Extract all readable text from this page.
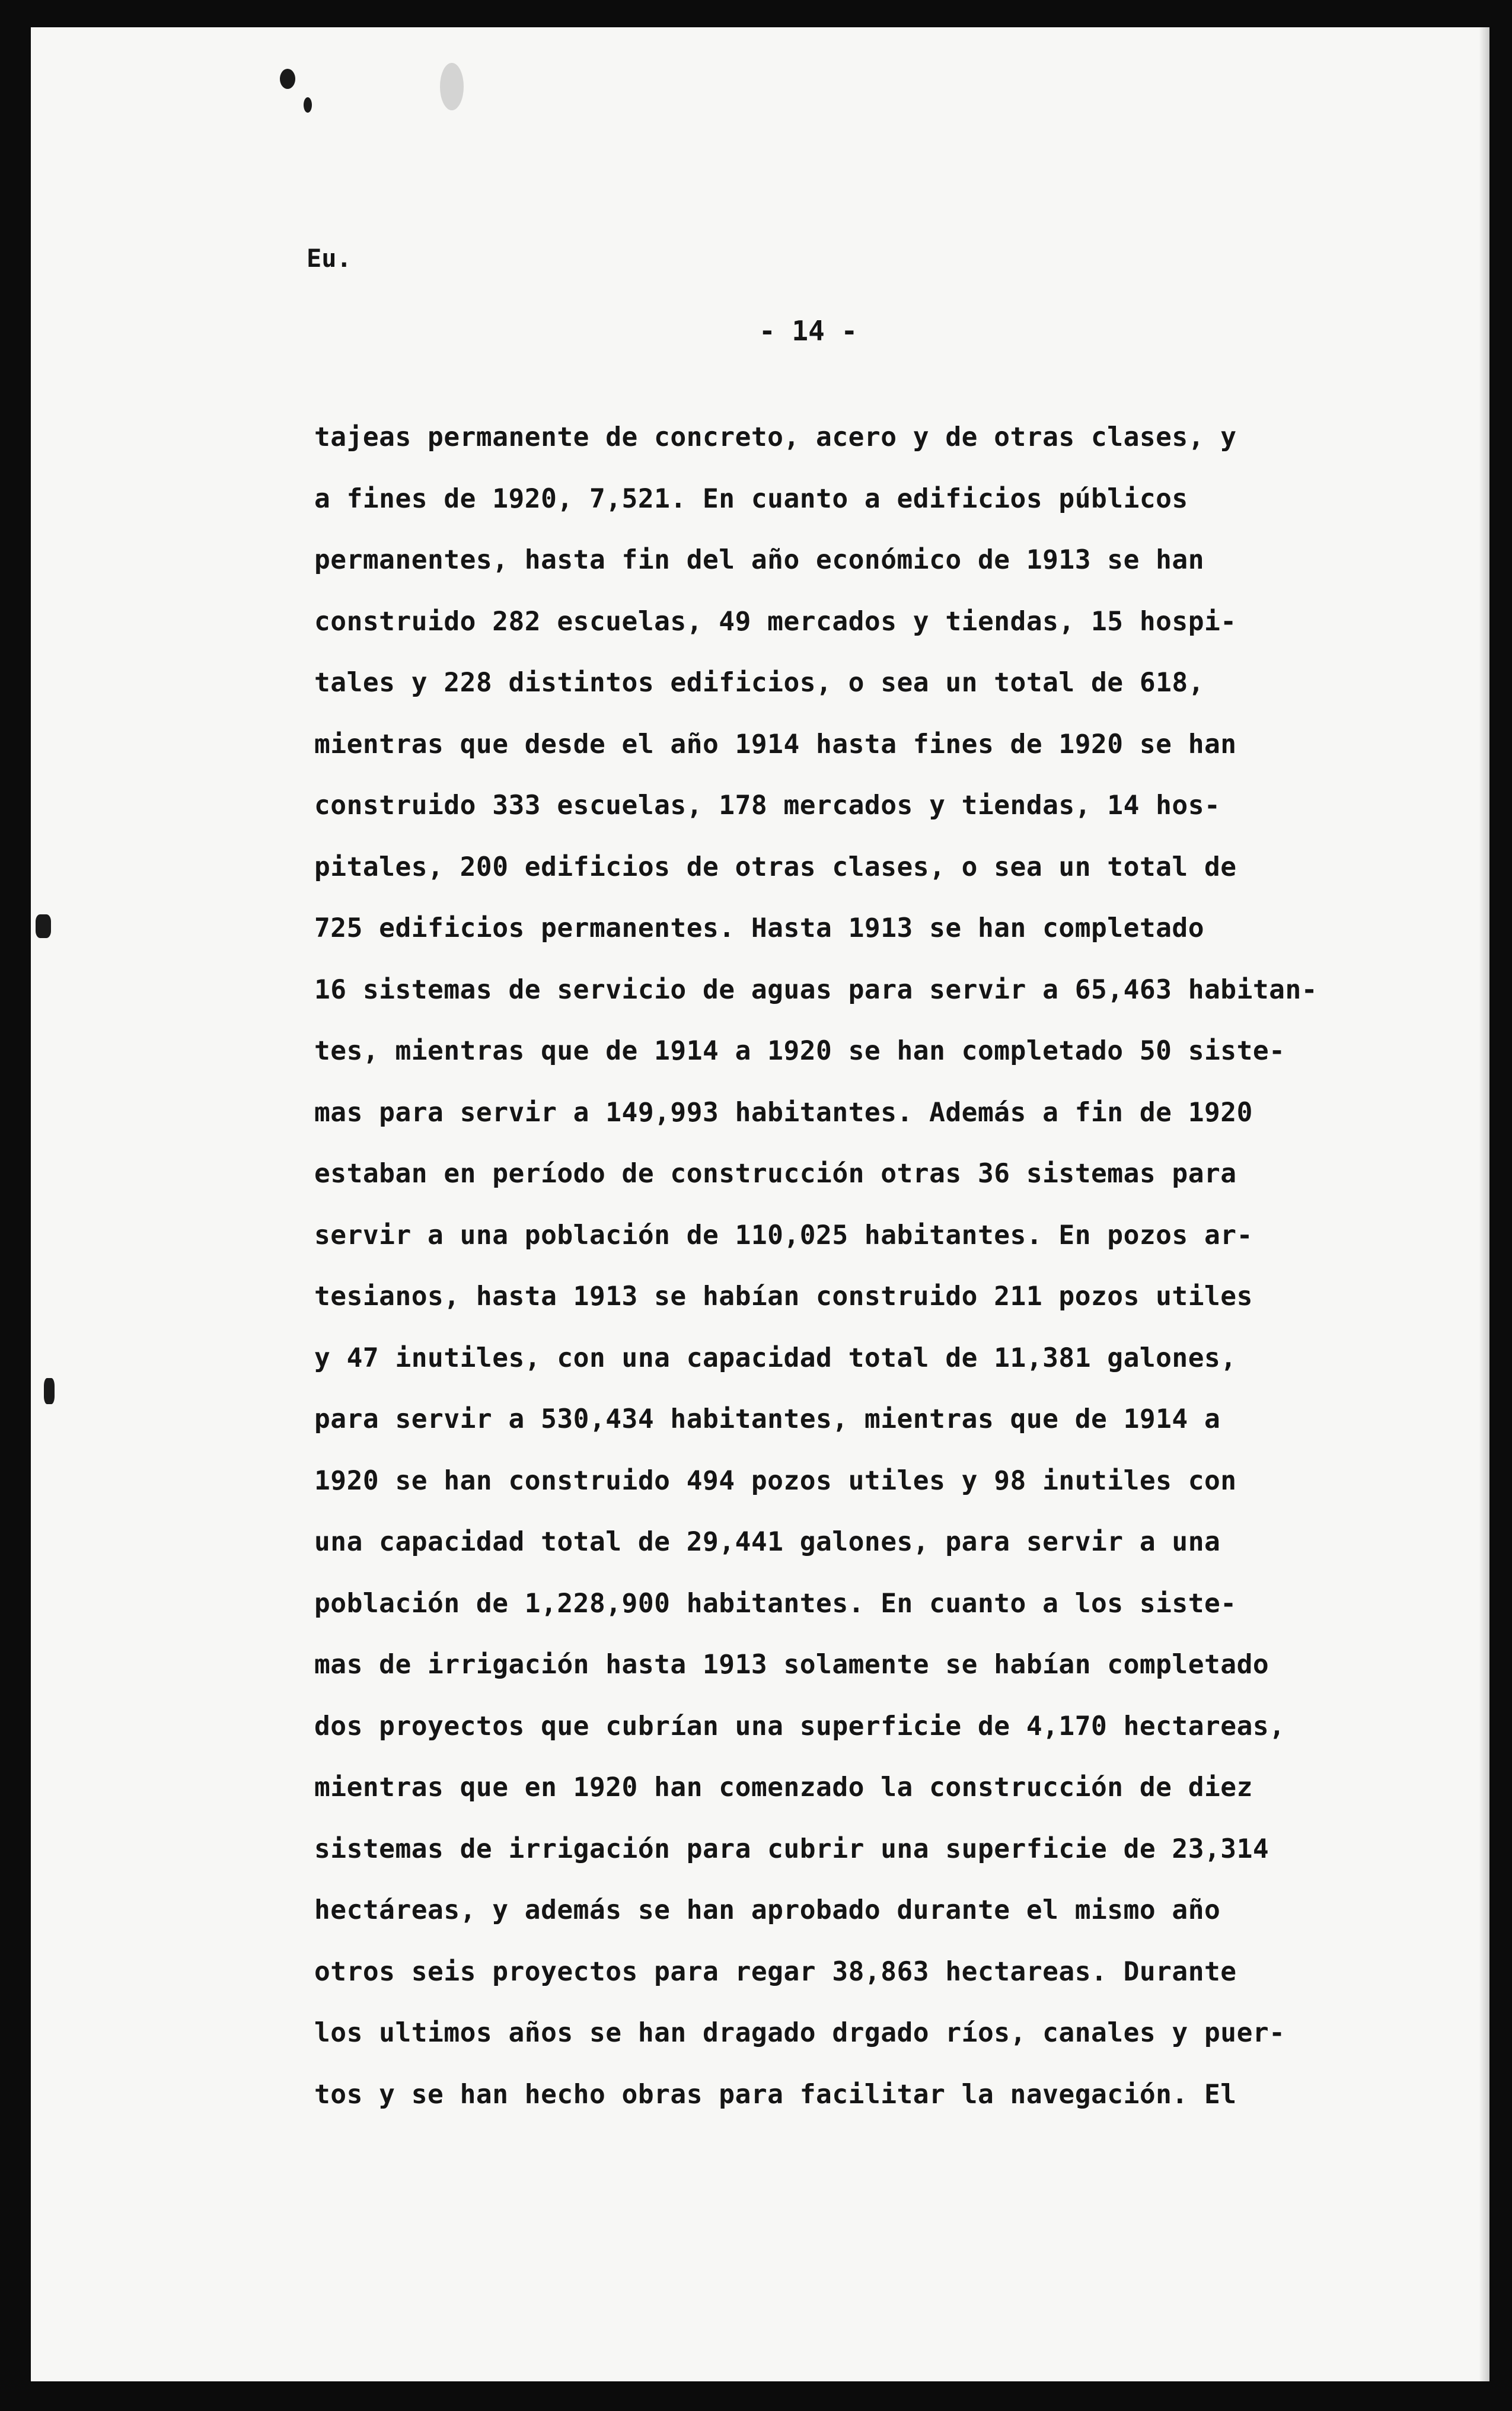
Eu.
- 14 -
tajeas permanente de concreto, acero y de otras clases, y
a fines de 1920, 7,521. En cuanto a edificios públicos
permanentes, hasta fin del año económico de 1913 se han
construido 282 escuelas, 49 mercados y tiendas, 15 hospi-
tales y 228 distintos edificios, o sea un total de 618,
mientras que desde el año 1914 hasta fines de 1920 se han
construido 333 escuelas, 178 mercados y tiendas, 14 hos-
pitales, 200 edificios de otras clases, o sea un total de
725 edificios permanentes. Hasta 1913 se han completado
16 sistemas de servicio de aguas para servir a 65,463 habitan-
tes, mientras que de 1914 a 1920 se han completado 50 siste-
mas para servir a 149,993 habitantes. Además a fin de 1920
estaban en período de construcción otras 36 sistemas para
servir a una población de 110,025 habitantes. En pozos ar-
tesianos, hasta 1913 se habían construido 211 pozos utiles
y 47 inutiles, con una capacidad total de 11,381 galones,
para servir a 530,434 habitantes, mientras que de 1914 a
1920 se han construido 494 pozos utiles y 98 inutiles con
una capacidad total de 29,441 galones, para servir a una
población de 1,228,900 habitantes. En cuanto a los siste-
mas de irrigación hasta 1913 solamente se habían completado
dos proyectos que cubrían una superficie de 4,170 hectareas,
mientras que en 1920 han comenzado la construcción de diez
sistemas de irrigación para cubrir una superficie de 23,314
hectáreas, y además se han aprobado durante el mismo año
otros seis proyectos para regar 38,863 hectareas. Durante
los ultimos años se han dragado drgado ríos, canales y puer-
tos y se han hecho obras para facilitar la navegación. El
